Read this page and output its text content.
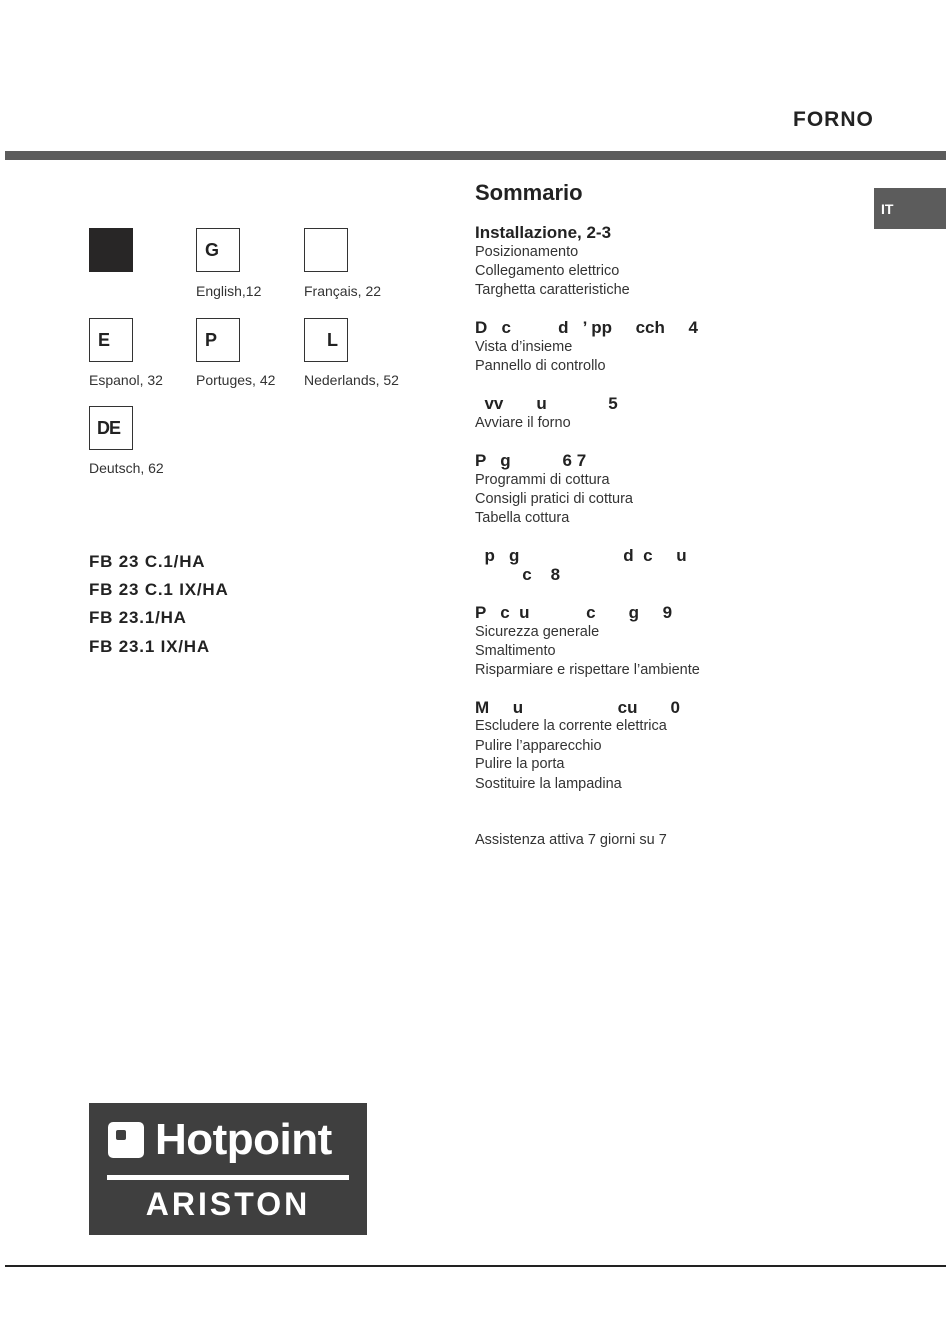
FORNO
IT
G
English,12	Français, 22
E
Espanol, 32
P
Portuges, 42
L
Nederlands, 52
DE
Deutsch, 62
FB 23 C.1/HA
FB 23 C.1 IX/HA
FB 23.1/HA
FB 23.1 IX/HA
Sommario
Installazione, 2-3
Posizionamento
Collegamento elettrico
Targhetta caratteristiche
D   c          d   ’ pp     cch     4
Vista d’insieme
Pannello di controllo
vv       u             5
Avviare il forno
P   g           6 7
Programmi di cottura
Consigli pratici di cottura
Tabella cottura
p   g                      d  c     u
c    8
P   c  u            c       g     9
Sicurezza generale
Smaltimento
Risparmiare e rispettare l’ambiente
M     u                    cu       0
Escludere la corrente elettrica
Pulire l’apparecchio
Pulire la porta
Sostituire la lampadina
Assistenza attiva 7 giorni su 7
Hotpoint
ARISTON
